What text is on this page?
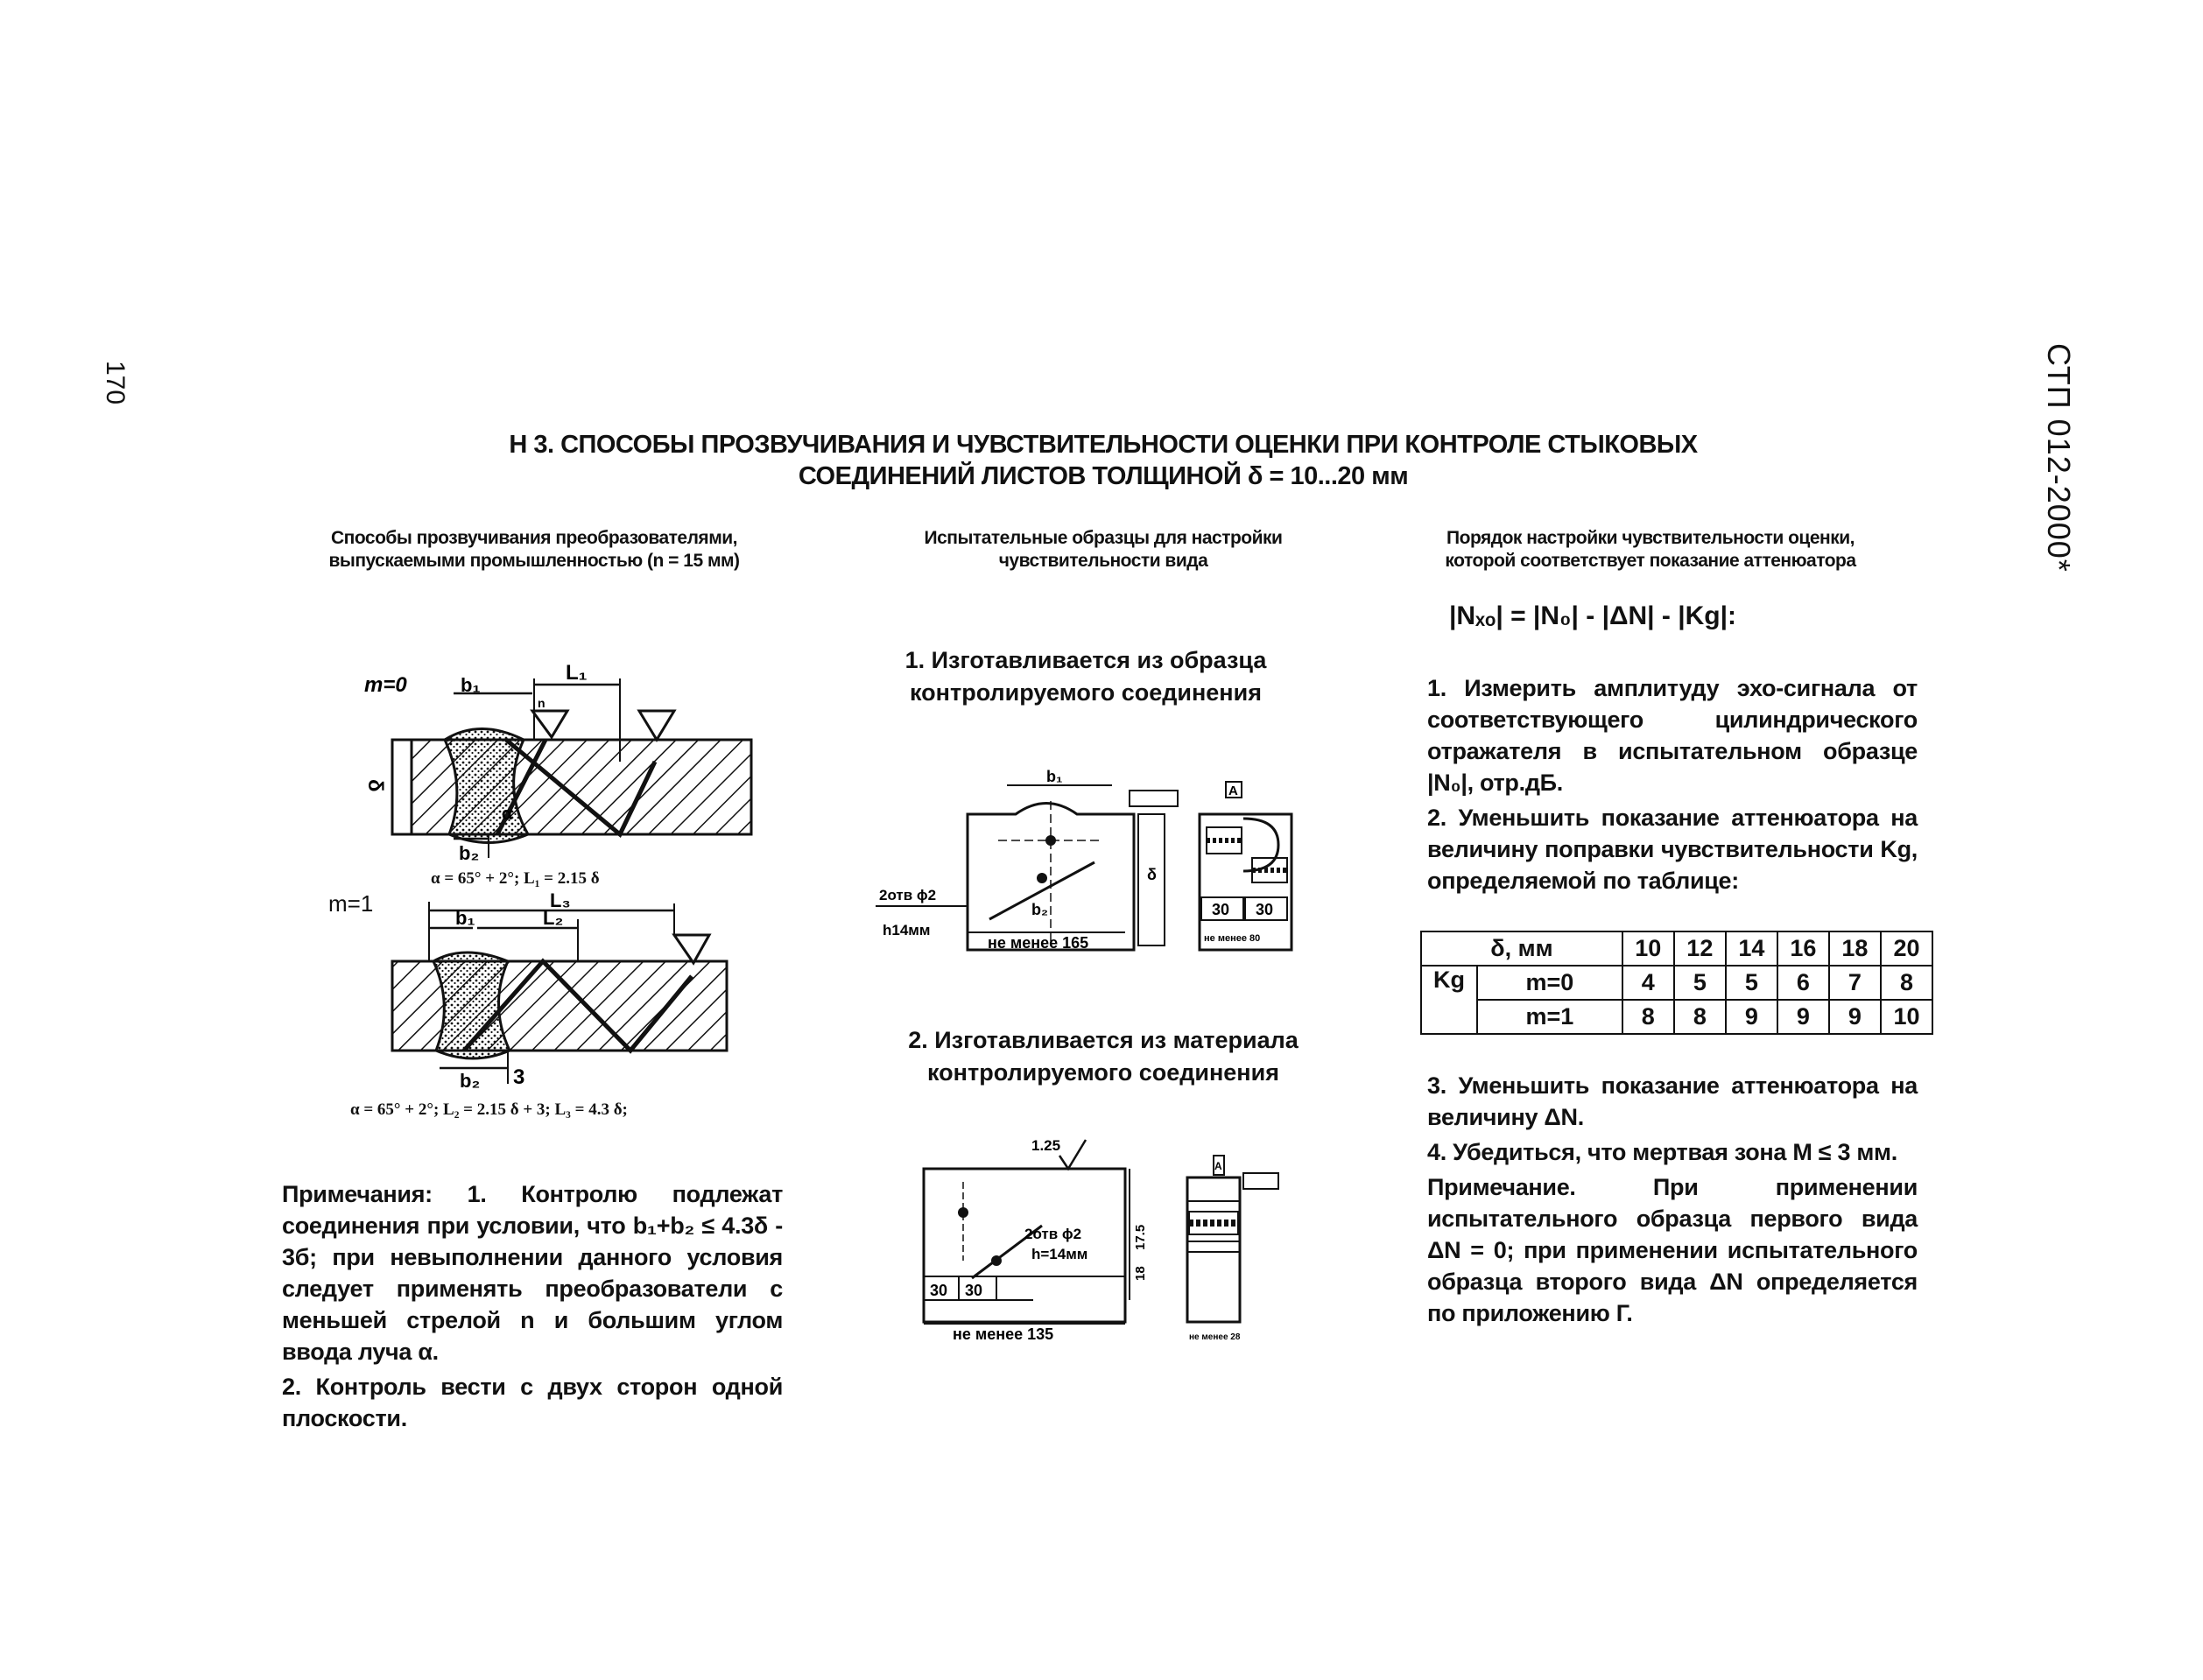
170	СТП 012-2000*
Н 3. СПОСОБЫ ПРОЗВУЧИВАНИЯ И ЧУВСТВИТЕЛЬНОСТИ ОЦЕНКИ ПРИ КОНТРОЛЕ СТЫКОВЫХ
СОЕДИНЕНИЙ ЛИСТОВ ТОЛЩИНОЙ δ = 10...20 мм
Способы прозвучивания преобразователями, выпускаемыми промышленностью (n = 15 мм)
b₁
L₁
n
b₂
α
δ
m=0
α = 65° + 2°; L₁ = 2.15 δ
m=1
b₁
L₃
L₂
b₂ 3
α = 65° + 2°; L₂ = 2.15 δ + 3; L₃ = 4.3 δ;

Примечания: 1. Контролю подлежат соединения при условии, что b₁+b₂ ≤ 4.3δ - 3б; при невыполнении данного условия следует применять преобразователи с меньшей стрелой n и большим углом ввода луча α.

2. Контроль вести с двух сторон одной плоскости.

Испытательные образцы для настройки чувствительности вида
1. Изготавливается из образца контролируемого соединения
b₁
b₂
не менее 165
2отв ϕ2
h14мм
δ
A
30 30
не менее 80
2. Изготавливается из материала контролируемого соединения
30 30
не менее 135
2отв ϕ2
h=14мм
1.25
17.5
18
A
не менее 28
Порядок настройки чувствительности оценки, которой соответствует показание аттенюатора
|Nₓₒ| = |N₀| - |ΔN| - |Kg|:

1. Измерить амплитуду эхо-сигнала от соответствующего цилиндрического отражателя в испытательном образце |N₀|, отр.дБ.

2. Уменьшить показание аттенюатора на величину поправки чувствительности Kg, определяемой по таблице:

δ, мм		10	12	14	16	18	20
Kg	m=0	4	5	5	6	7	8
	m=1	8	8	9	9	9	10

3. Уменьшить показание аттенюатора на величину ΔN.

4. Убедиться, что мертвая зона M ≤ 3 мм.

Примечание. При применении испытательного образца первого вида ΔN = 0; при применении испытательного образца второго вида ΔN определяется по приложению Г.
